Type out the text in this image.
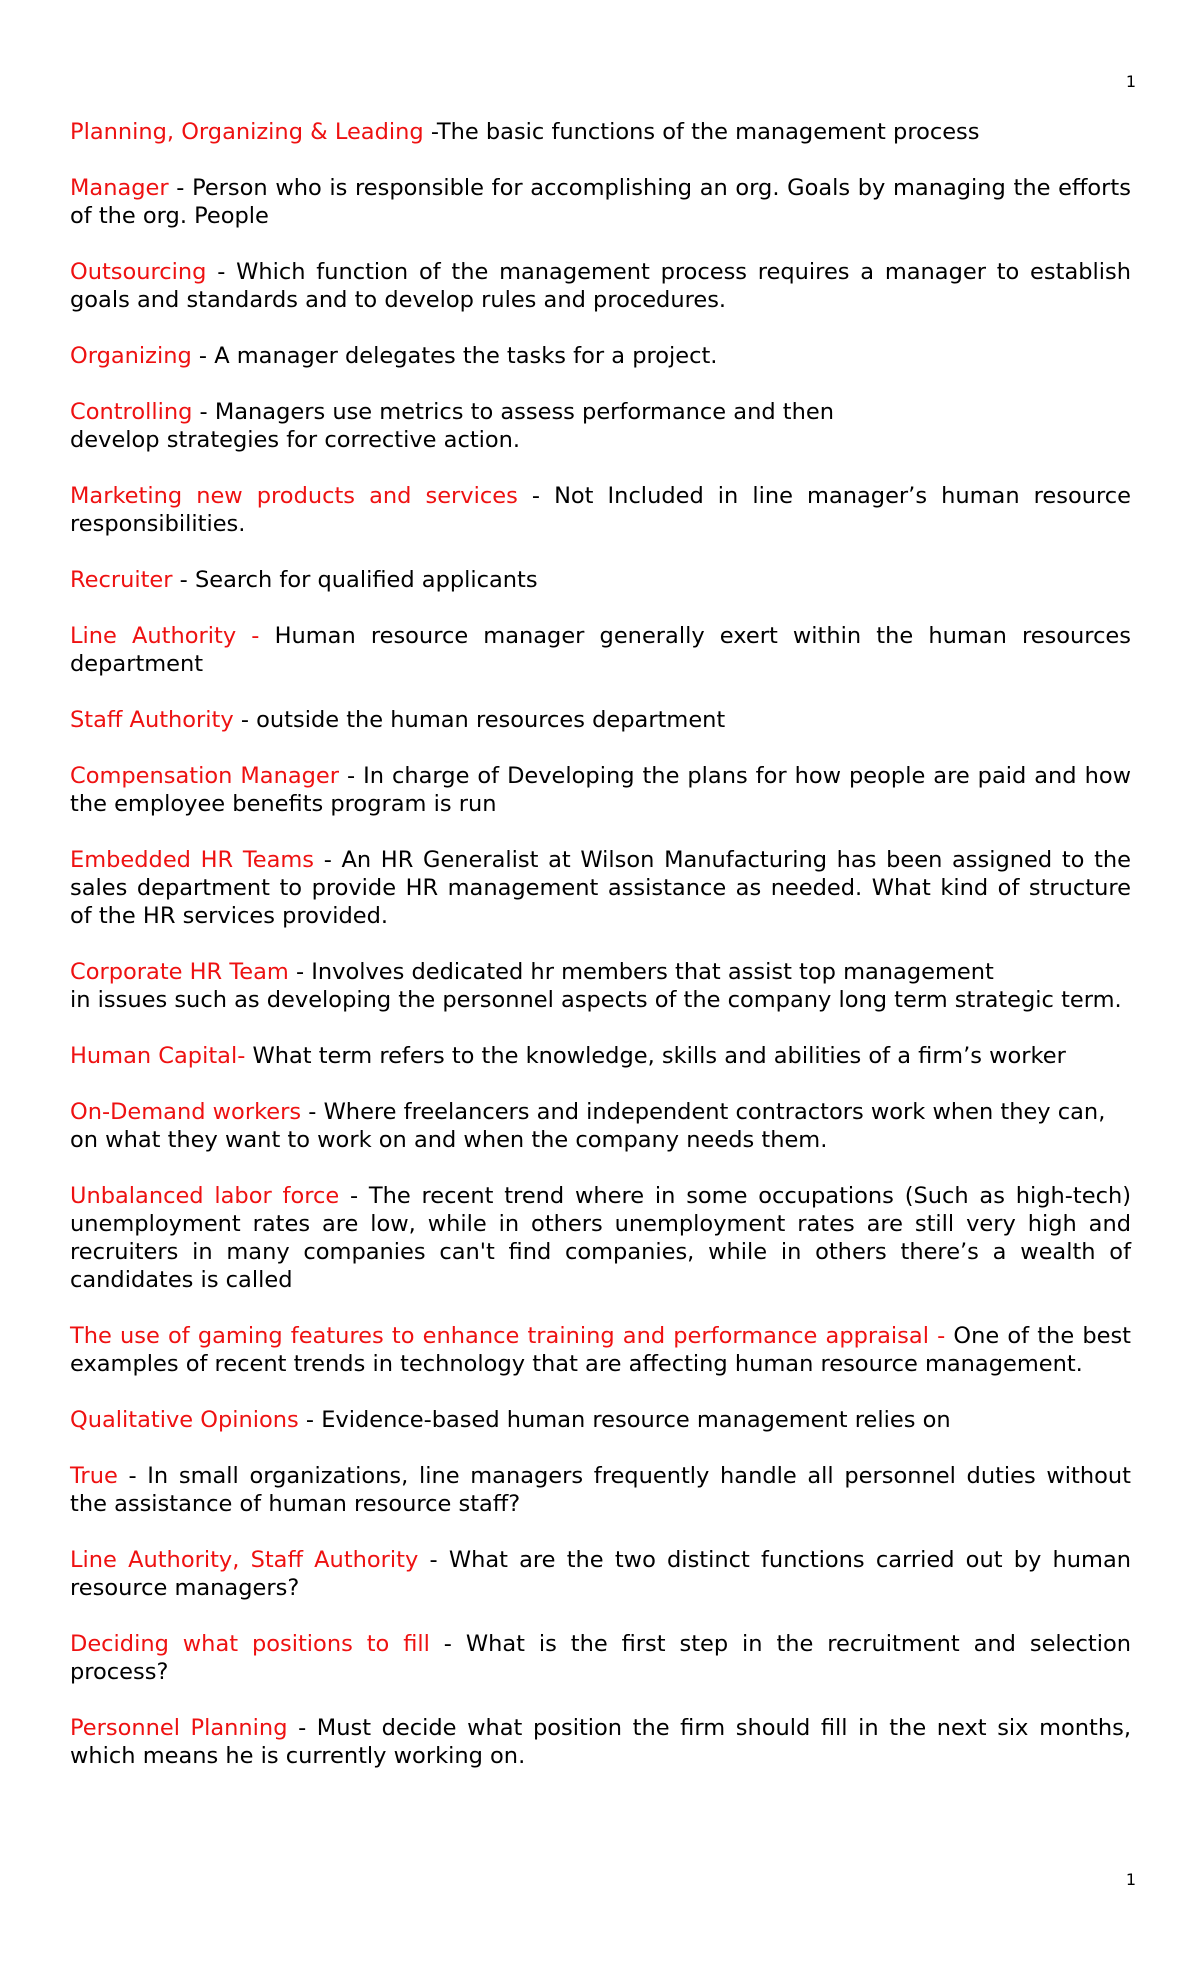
1

Planning, Organizing & Leading -The basic functions of the management process

Manager - Person who is responsible for accomplishing an org. Goals by managing the efforts of the org. People

Outsourcing - Which function of the management process requires a manager to establish goals and standards and to develop rules and procedures.

Organizing - A manager delegates the tasks for a project.

Controlling - Managers use metrics to assess performance and then
develop strategies for corrective action.

Marketing new products and services - Not Included in line manager’s human resource responsibilities.

Recruiter - Search for qualified applicants

Line Authority - Human resource manager generally exert within the human resources department

Staff Authority - outside the human resources department

Compensation Manager - In charge of Developing the plans for how people are paid and how the employee benefits program is run

Embedded HR Teams - An HR Generalist at Wilson Manufacturing has been assigned to the sales department to provide HR management assistance as needed. What kind of structure of the HR services provided.

Corporate HR Team - Involves dedicated hr members that assist top management
in issues such as developing the personnel aspects of the company long term strategic term.

Human Capital- What term refers to the knowledge, skills and abilities of a firm’s worker

On-Demand workers - Where freelancers and independent contractors work when they can,
on what they want to work on and when the company needs them.

Unbalanced labor force - The recent trend where in some occupations (Such as high-tech) unemployment rates are low, while in others unemployment rates are still very high and recruiters in many companies can't find companies, while in others there’s a wealth of candidates is called

The use of gaming features to enhance training and performance appraisal - One of the best examples of recent trends in technology that are affecting human resource management.

Qualitative Opinions - Evidence-based human resource management relies on

True - In small organizations, line managers frequently handle all personnel duties without the assistance of human resource staff?

Line Authority, Staff Authority - What are the two distinct functions carried out by human resource managers?

Deciding what positions to fill - What is the first step in the recruitment and selection process?

Personnel Planning - Must decide what position the firm should fill in the next six months, which means he is currently working on.

1
